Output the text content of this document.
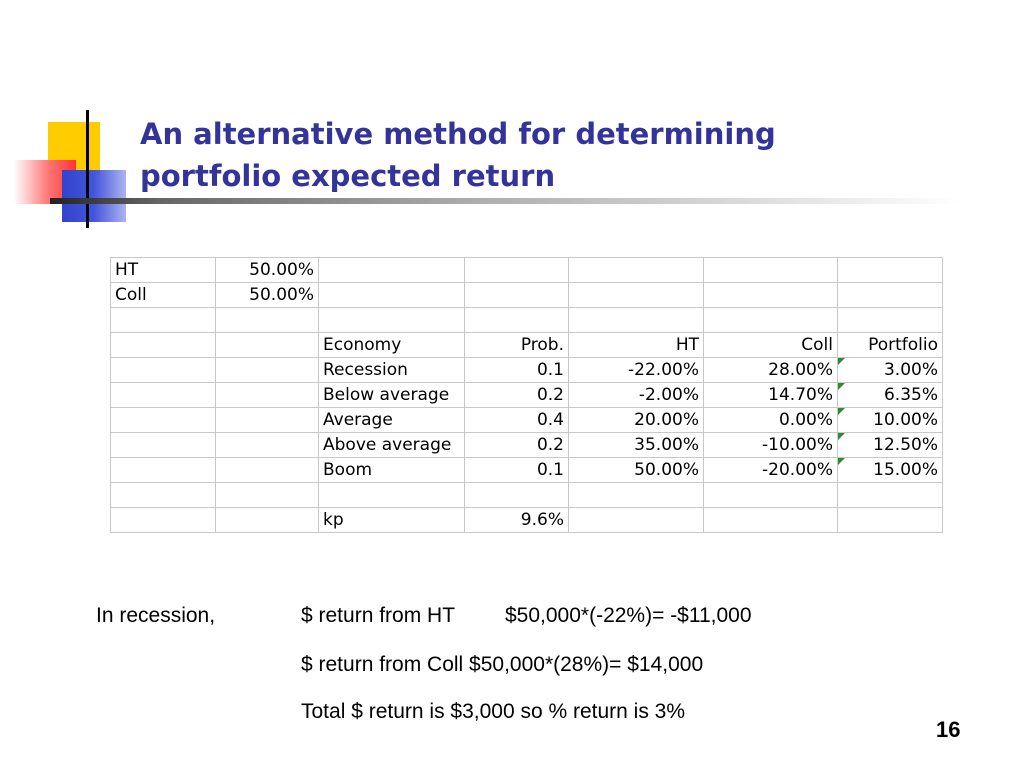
An alternative method for determining
portfolio expected return
HT	50.00%					
Coll	50.00%					

		Economy	Prob.	HT	Coll	Portfolio
		Recession	0.1	-22.00%	28.00%	3.00%
		Below average	0.2	-2.00%	14.70%	6.35%
		Average	0.4	20.00%	0.00%	10.00%
		Above average	0.2	35.00%	-10.00%	12.50%
		Boom	0.1	50.00%	-20.00%	15.00%

		kp	9.6%			
In recession,	$ return from HT $50,000*(-22%)= -$11,000
$ return from Coll $50,000*(28%)= $14,000
Total $ return is $3,000 so % return is 3%
16
